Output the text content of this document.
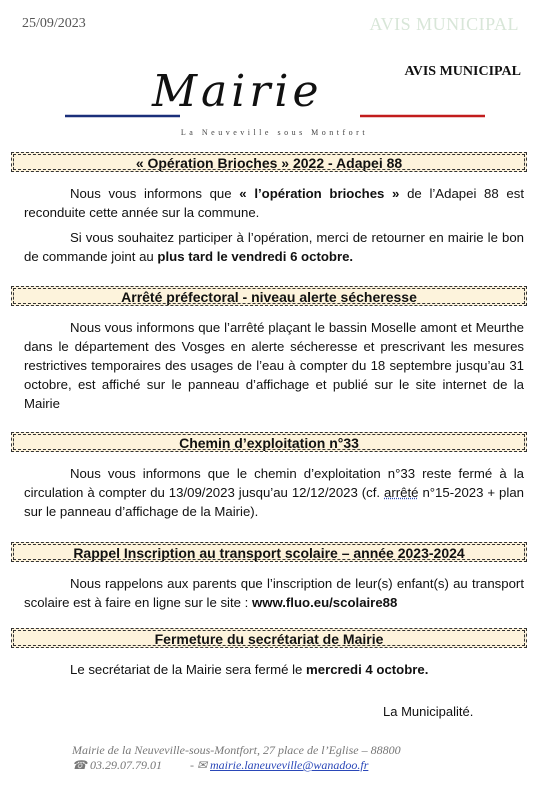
25/09/2023	AVIS MUNICIPAL
Mairie	AVIS MUNICIPAL
La Neuveville sous Montfort
« Opération Brioches » 2022 - Adapei 88
Nous vous informons que « l’opération brioches » de l’Adapei 88 est reconduite cette année sur la commune.
Si vous souhaitez participer à l’opération, merci de retourner en mairie le bon de commande joint au plus tard le vendredi 6 octobre.
Arrêté préfectoral - niveau alerte sécheresse
Nous vous informons que l’arrêté plaçant le bassin Moselle amont et Meurthe dans le département des Vosges en alerte sécheresse et prescrivant les mesures restrictives temporaires des usages de l’eau à compter du 18 septembre jusqu’au 31 octobre, est affiché sur le panneau d’affichage et publié sur le site internet de la Mairie
Chemin d’exploitation n°33
Nous vous informons que le chemin d’exploitation n°33 reste fermé à la circulation à compter du 13/09/2023 jusqu’au 12/12/2023 (cf. arrêté n°15-2023 + plan sur le panneau d’affichage de la Mairie).
Rappel Inscription au transport scolaire – année 2023-2024
Nous rappelons aux parents que l’inscription de leur(s) enfant(s) au transport scolaire est à faire en ligne sur le site : www.fluo.eu/scolaire88
Fermeture du secrétariat de Mairie
Le secrétariat de la Mairie sera fermé le mercredi 4 octobre.
La Municipalité.
Mairie de la Neuveville-sous-Montfort, 27 place de l’Eglise – 88800
☎ 03.29.07.79.01 - ✉ mairie.laneuveville@wanadoo.fr
